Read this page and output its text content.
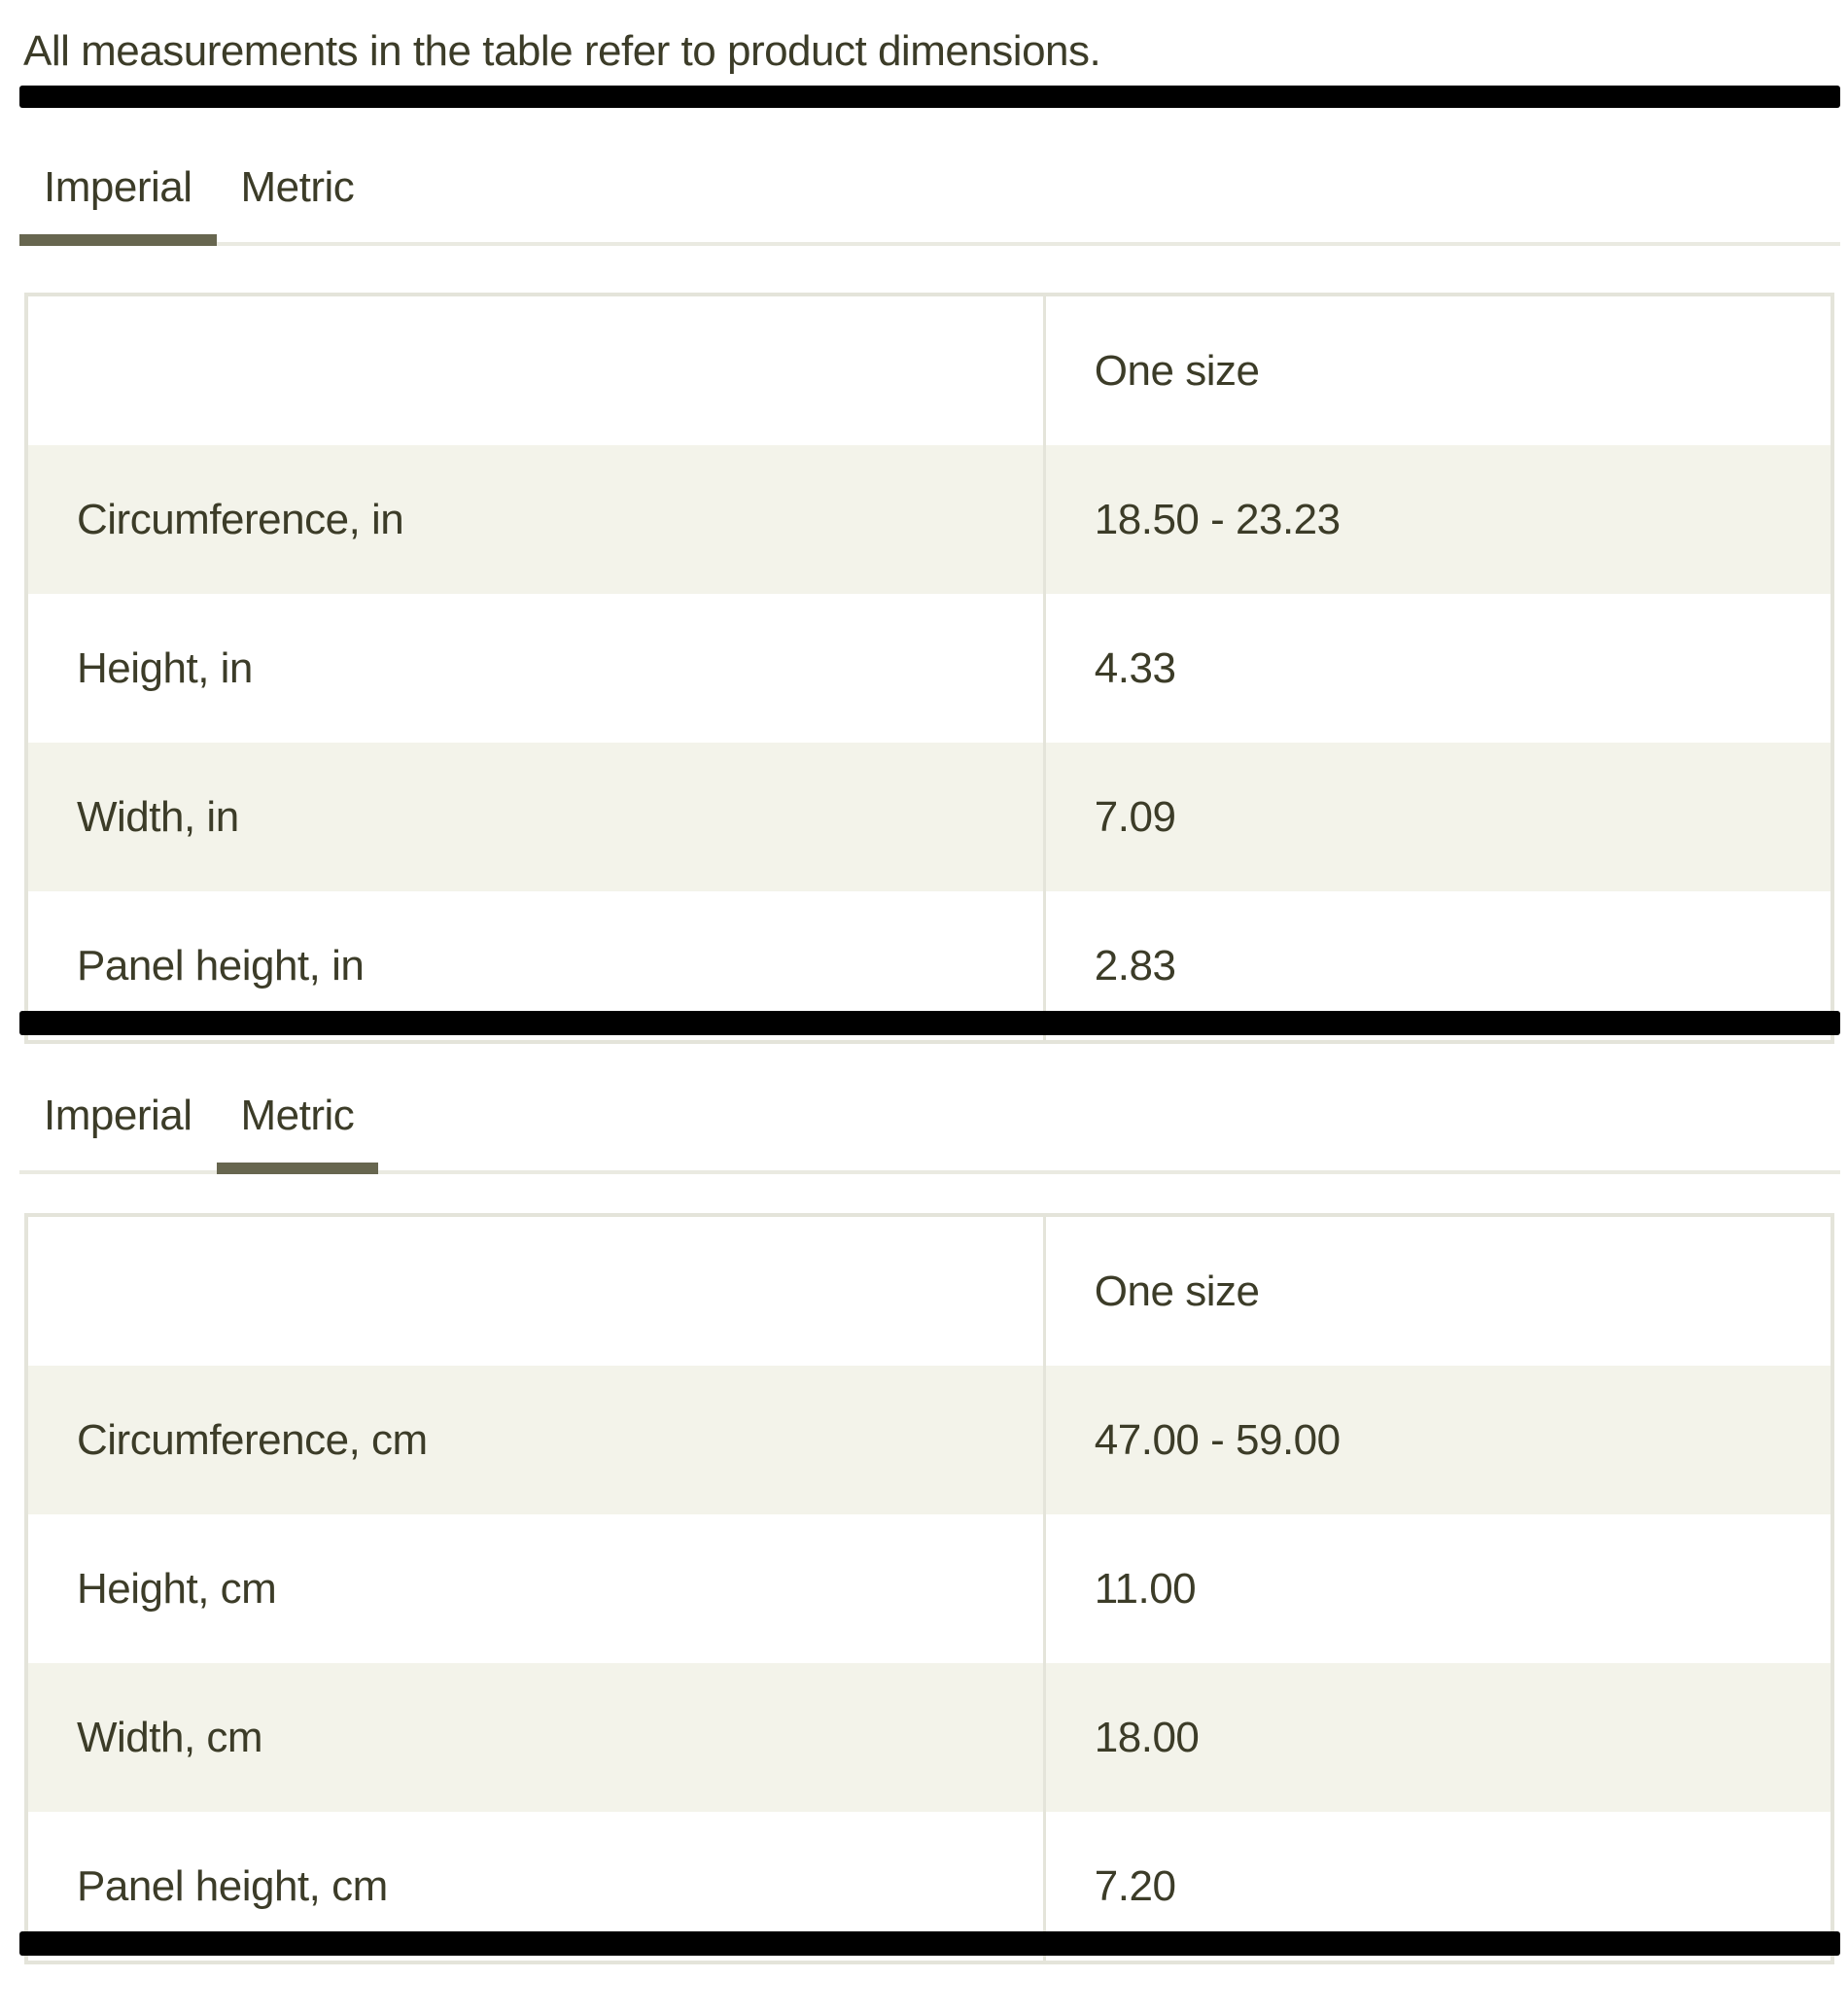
All measurements in the table refer to product dimensions.

Imperial	Metric
One size
Circumference, in	18.50 - 23.23
Height, in	4.33
Width, in	7.09
Panel height, in	2.83
Imperial	Metric
One size
Circumference, cm	47.00 - 59.00
Height, cm	11.00
Width, cm	18.00
Panel height, cm	7.20
